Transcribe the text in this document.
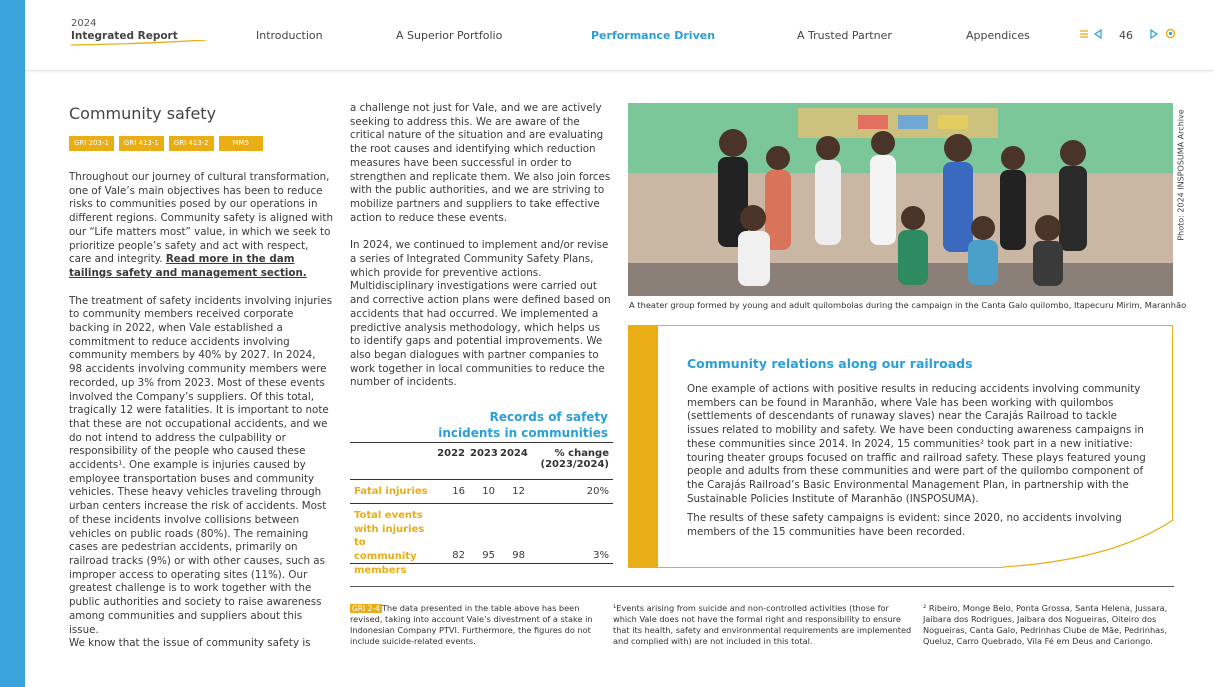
2024
Integrated Report	Introduction	A Superior Portfolio	Performance Driven	A Trusted Partner	Appendices	46
Community safety
GRI 203-1	GRI 413-1	GRI 413-2	MM5

Throughout our journey of cultural transformation, one of Vale’s main objectives has been to reduce risks to communities posed by our operations in different regions. Community safety is aligned with our “Life matters most” value, in which we seek to prioritize people’s safety and act with respect, care and integrity. Read more in the dam tailings safety and management section.

The treatment of safety incidents involving injuries to community members received corporate backing in 2022, when Vale established a commitment to reduce accidents involving community members by 40% by 2027. In 2024,

98 accidents involving community members were recorded, up 3% from 2023. Most of these events involved the Company’s suppliers. Of this total, tragically 12 were fatalities. It is important to note that these are not occupational accidents, and we do not intend to address the culpability or responsibility of the people who caused these accidents¹. One example is injuries caused by employee transportation buses and community vehicles. These heavy vehicles traveling through urban centers increase the risk of accidents. Most of these incidents involve collisions between vehicles on public roads (80%). The remaining cases are pedestrian accidents, primarily on railroad tracks (9%) or with other causes, such as improper access to operating sites (11%). Our greatest challenge is to work together with the public authorities and society to raise awareness among communities and suppliers about this issue.

We know that the issue of community safety is

a challenge not just for Vale, and we are actively seeking to address this. We are aware of the critical nature of the situation and are evaluating the root causes and identifying which reduction measures have been successful in order to strengthen and replicate them. We also join forces with the public authorities, and we are striving to mobilize partners and suppliers to take effective action to reduce these events.

In 2024, we continued to implement and/or revise a series of Integrated Community Safety Plans, which provide for preventive actions. Multidisciplinary investigations were carried out and corrective action plans were defined based on accidents that had occurred. We implemented a predictive analysis methodology, which helps us to identify gaps and potential improvements. We also began dialogues with partner companies to work together in local communities to reduce the number of incidents.

Records of safety
incidents in communities
2022 2023 2024	% change (2023/2024)
Fatal injuries	16	10	12	20%
Total events with injuries to community members
82	95	98	3%
A theater group formed by young and adult quilombolas during the campaign in the Canta Galo quilombo, Itapecuru Mirim, Maranhão
Photo: 2024 INSPOSUMA Archive
Community relations along our railroads

One example of actions with positive results in reducing accidents involving community members can be found in Maranhão, where Vale has been working with quilombos (settlements of descendants of runaway slaves) near the Carajás Railroad to tackle issues related to mobility and safety. We have been conducting awareness campaigns in these communities since 2014. In 2024, 15 communities² took part in a new initiative: touring theater groups focused on traffic and railroad safety. These plays featured young people and adults from these communities and were part of the quilombo component of the Carajás Railroad’s Basic Environmental Management Plan, in partnership with the Sustainable Policies Institute of Maranhão (INSPOSUMA).

The results of these safety campaigns is evident: since 2020, no accidents involving members of the 15 communities have been recorded.

GRI 2-4 The data presented in the table above has been revised, taking into account Vale’s divestment of a stake in Indonesian Company PTVI. Furthermore, the figures do not include suicide-related events.
¹Events arising from suicide and non-controlled activities (those for which Vale does not have the formal right and responsibility to ensure that its health, safety and environmental requirements are implemented and complied with) are not included in this total.
² Ribeiro, Monge Belo, Ponta Grossa, Santa Helena, Jussara, Jaibara dos Rodrigues, Jaibara dos Nogueiras, Oiteiro dos Nogueiras, Canta Galo, Pedrinhas Clube de Mãe, Pedrinhas, Queluz, Carro Quebrado, Vila Fé em Deus and Cariongo.
